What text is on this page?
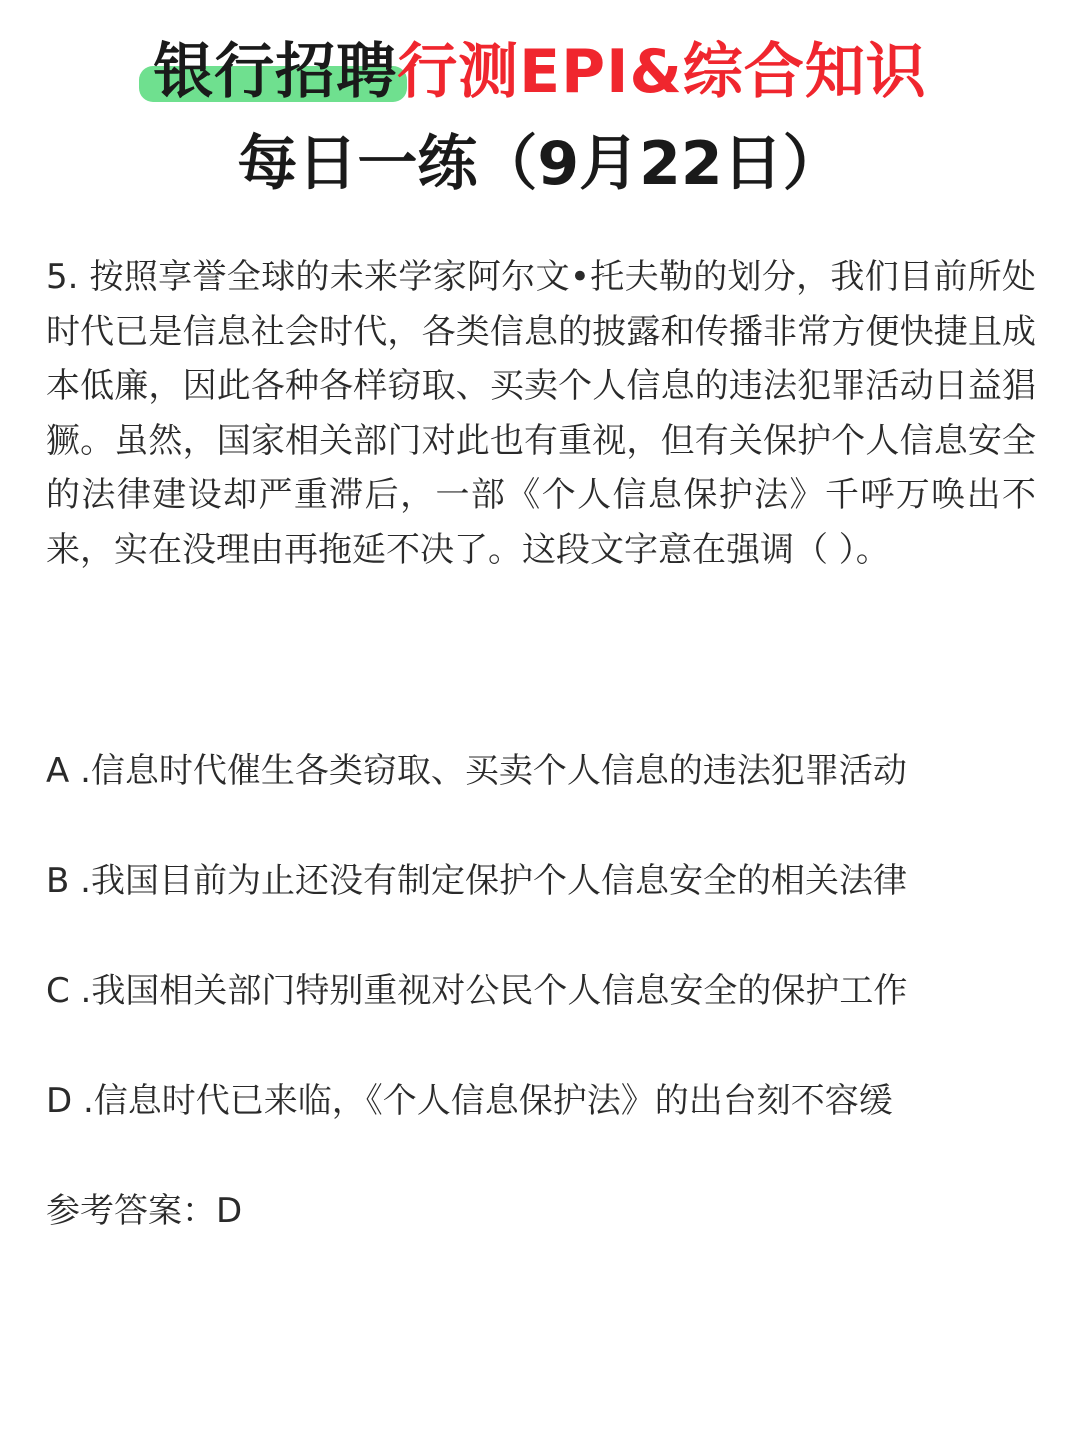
银行招聘行测EPI&综合知识
每日一练（9月22日）

5. 按照享誉全球的未来学家阿尔文•托夫勒的划分，我们目前所处时代已是信息社会时代，各类信息的披露和传播非常方便快捷且成本低廉，因此各种各样窃取、买卖个人信息的违法犯罪活动日益猖獗。虽然，国家相关部门对此也有重视，但有关保护个人信息安全的法律建设却严重滞后，一部《个人信息保护法》千呼万唤出不来，实在没理由再拖延不决了。这段文字意在强调（ ）。

A .信息时代催生各类窃取、买卖个人信息的违法犯罪活动

B .我国目前为止还没有制定保护个人信息安全的相关法律

C .我国相关部门特别重视对公民个人信息安全的保护工作

D .信息时代已来临，《个人信息保护法》的出台刻不容缓

参考答案：D
